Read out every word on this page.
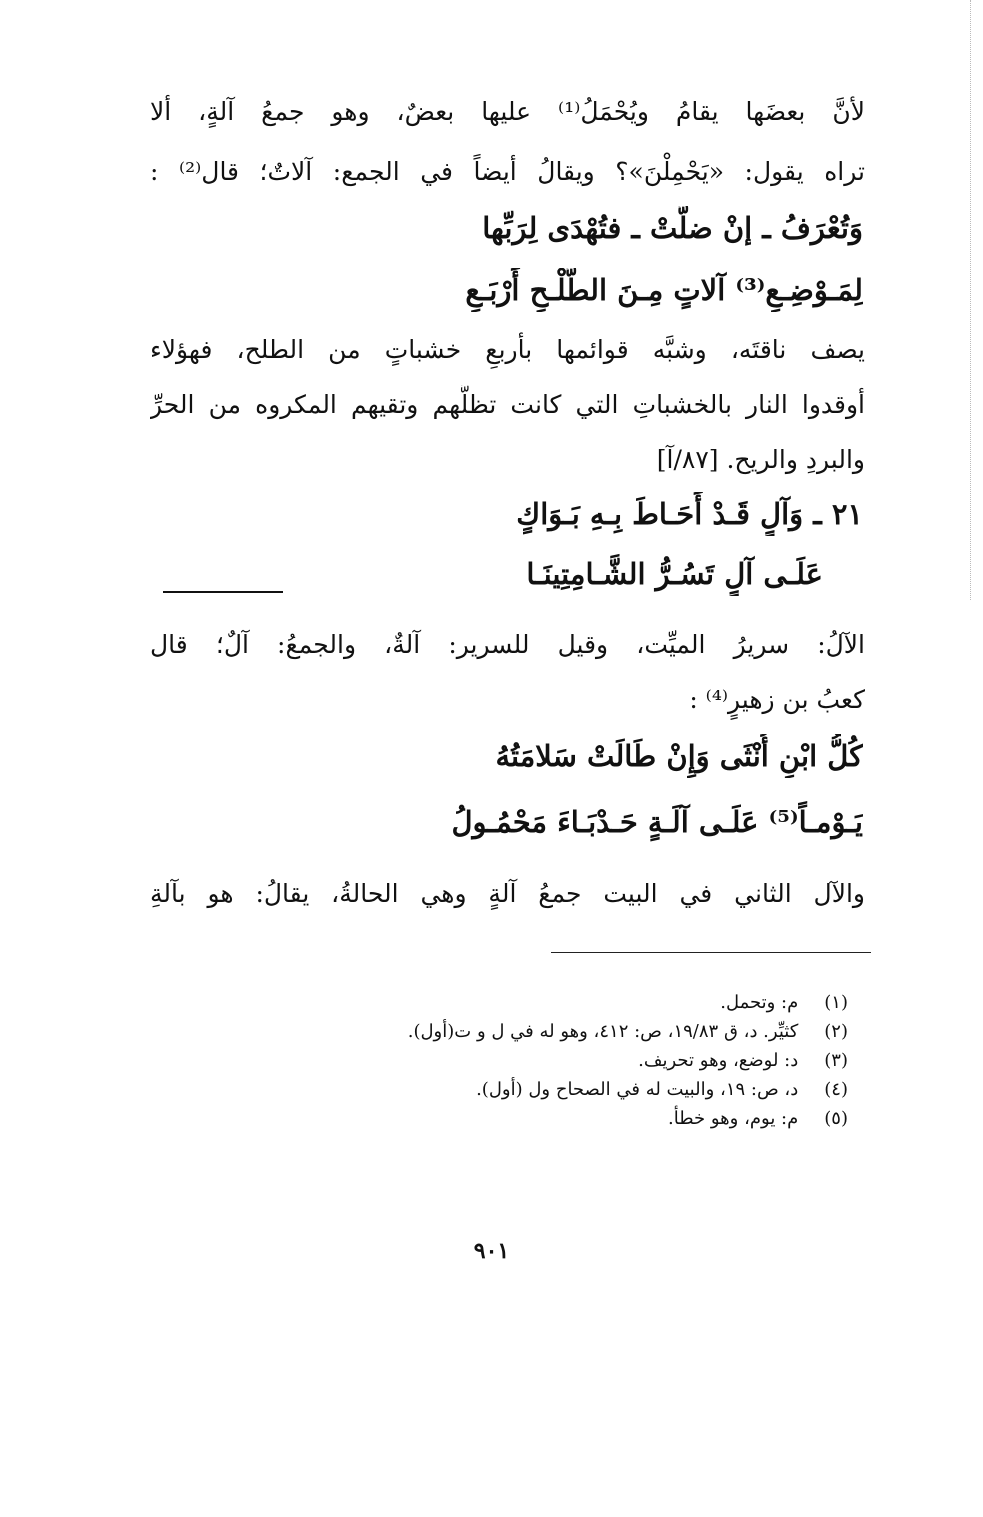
لأنَّ بعضَها يقامُ ويُحْمَلُ⁽¹⁾ عليها بعضٌ، وهو جمعُ آلةٍ، ألا
تراه يقول: «يَحْمِلْنَ»؟ ويقالُ أيضاً في الجمع: آلاتٌ؛ قال⁽²⁾ :
وَتُعْرَفُ ـ إنْ ضلَّتْ ـ فتُهْدَى لِرَبِّها
لِمَـوْضِـعِ⁽³⁾ آلاتٍ مِـنَ الطَّلْـحِ أَرْبَـعِ
يصف ناقتَه، وشبَّه قوائمها بأربعِ خشباتٍ من الطلح، فهؤلاء
أوقدوا النار بالخشباتِ التي كانت تظلُّهم وتقيهم المكروه من الحرِّ
والبردِ والريح. [٨٧/آ]
٢١ ـ وَآلٍ قَـدْ أَحَـاطَ بِـهِ بَـوَاكٍ
عَلَـى آلٍ تَسُـرُّ الشَّـامِتِينَـا
الآلُ: سريرُ الميِّت، وقيل للسرير: آلةٌ، والجمعُ: آلٌ؛ قال
كعبُ بن زهيرٍ⁽⁴⁾ :
كُلُّ ابْنِ أُنْثَى وَإِنْ طَالَتْ سَلامَتُهُ
يَـوْمـاً⁽⁵⁾ عَلَـى آلَـةٍ حَـدْبَـاءَ مَحْمُـولُ
والآل الثاني في البيت جمعُ آلةٍ وهي الحالةُ، يقالُ: هو بآلةِ
(١) م: وتحمل.
(٢) كثيِّر. د، ق ١٩/٨٣، ص: ٤١٢، وهو له في ل و ت(أول).
(٣) د: لوضع، وهو تحريف.
(٤) د، ص: ١٩، والبيت له في الصحاح ول (أول).
(٥) م: يوم، وهو خطأ.
٩٠١
